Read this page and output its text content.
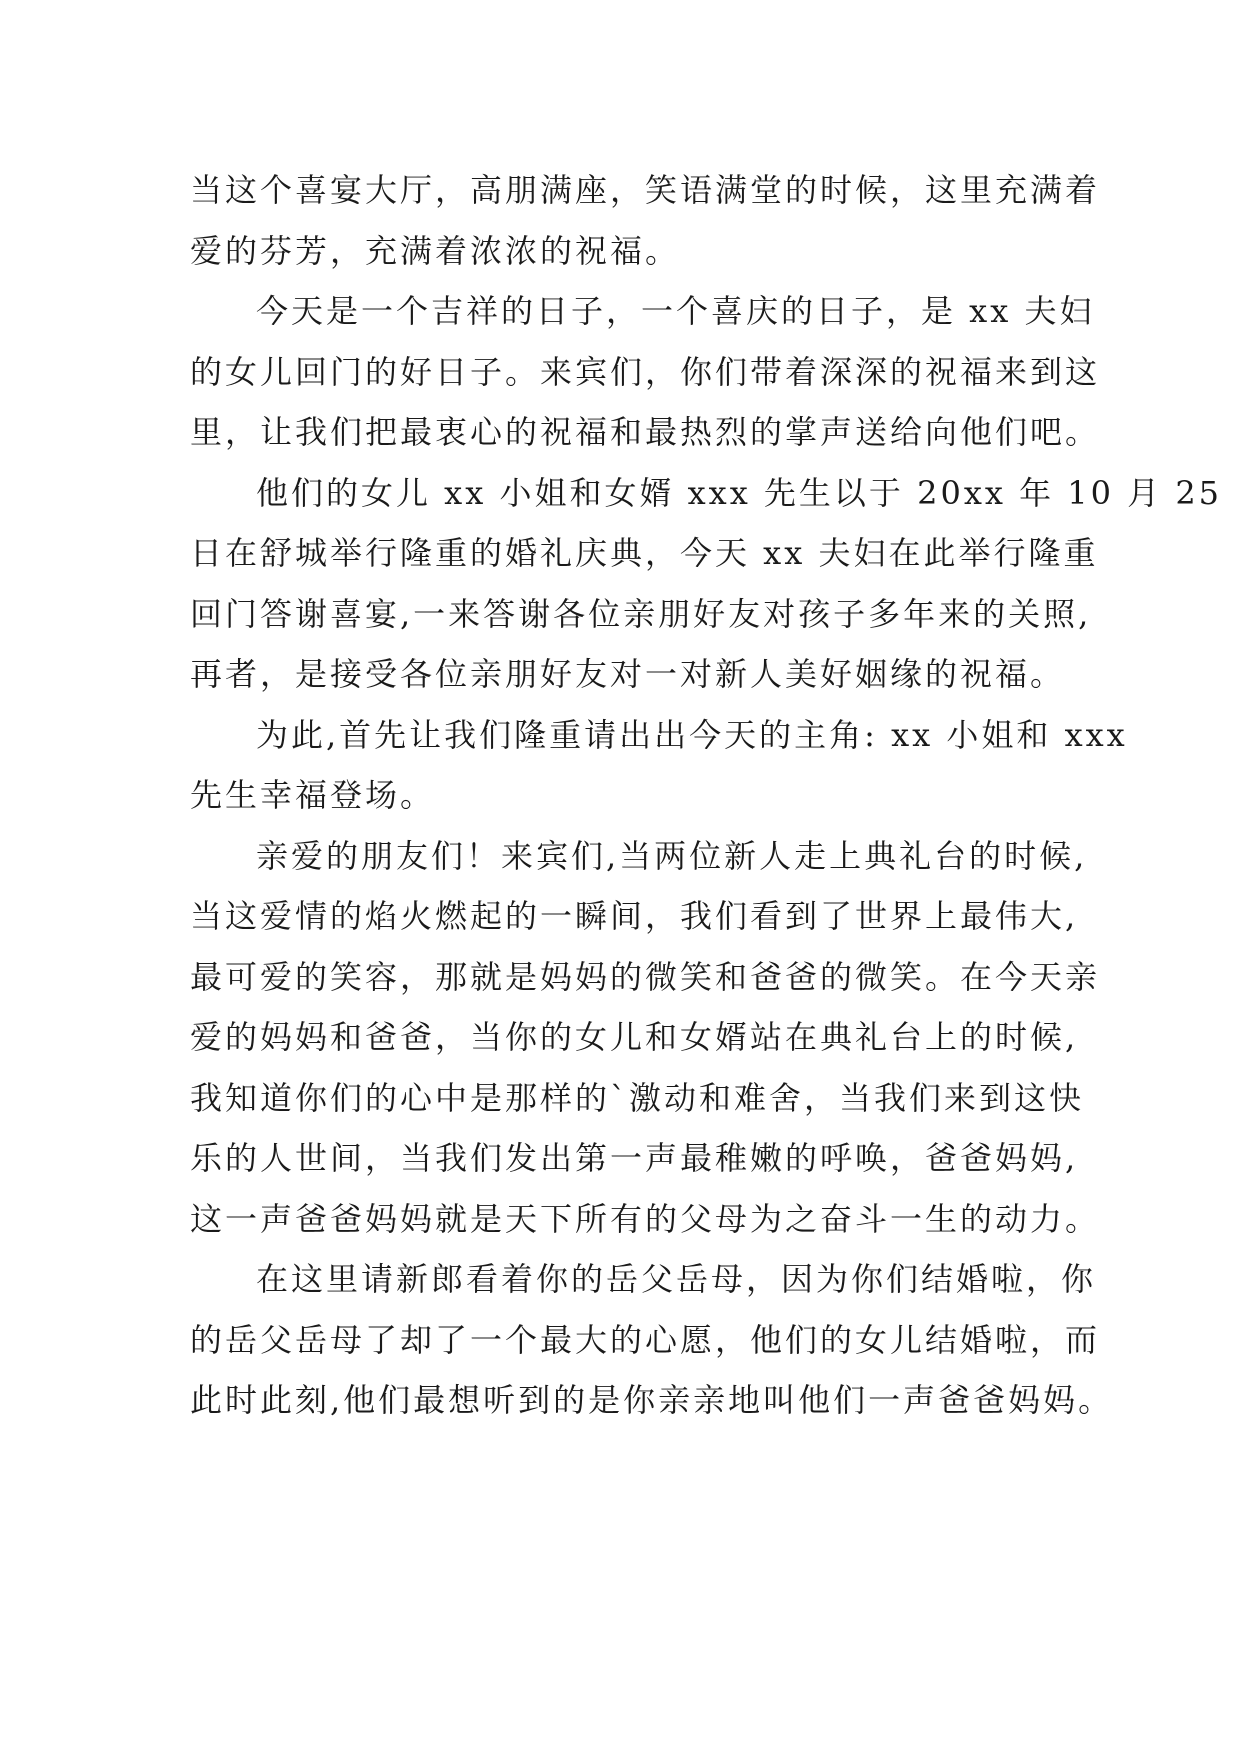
当这个喜宴大厅，高朋满座，笑语满堂的时候，这里充满着
爱的芬芳，充满着浓浓的祝福。
今天是一个吉祥的日子，一个喜庆的日子，是 xx 夫妇
的女儿回门的好日子。来宾们，你们带着深深的祝福来到这
里，让我们把最衷心的祝福和最热烈的掌声送给向他们吧。
他们的女儿 xx 小姐和女婿 xxx 先生以于 20xx 年 10 月 25
日在舒城举行隆重的婚礼庆典，今天 xx 夫妇在此举行隆重
回门答谢喜宴,一来答谢各位亲朋好友对孩子多年来的关照,
再者，是接受各位亲朋好友对一对新人美好姻缘的祝福。
为此,首先让我们隆重请出出今天的主角: xx 小姐和 xxx
先生幸福登场。
亲爱的朋友们！来宾们,当两位新人走上典礼台的时候,
当这爱情的焰火燃起的一瞬间，我们看到了世界上最伟大,
最可爱的笑容，那就是妈妈的微笑和爸爸的微笑。在今天亲
爱的妈妈和爸爸，当你的女儿和女婿站在典礼台上的时候,
我知道你们的心中是那样的`激动和难舍，当我们来到这快
乐的人世间，当我们发出第一声最稚嫩的呼唤，爸爸妈妈,
这一声爸爸妈妈就是天下所有的父母为之奋斗一生的动力。
在这里请新郎看着你的岳父岳母，因为你们结婚啦，你
的岳父岳母了却了一个最大的心愿，他们的女儿结婚啦，而
此时此刻,他们最想听到的是你亲亲地叫他们一声爸爸妈妈。
